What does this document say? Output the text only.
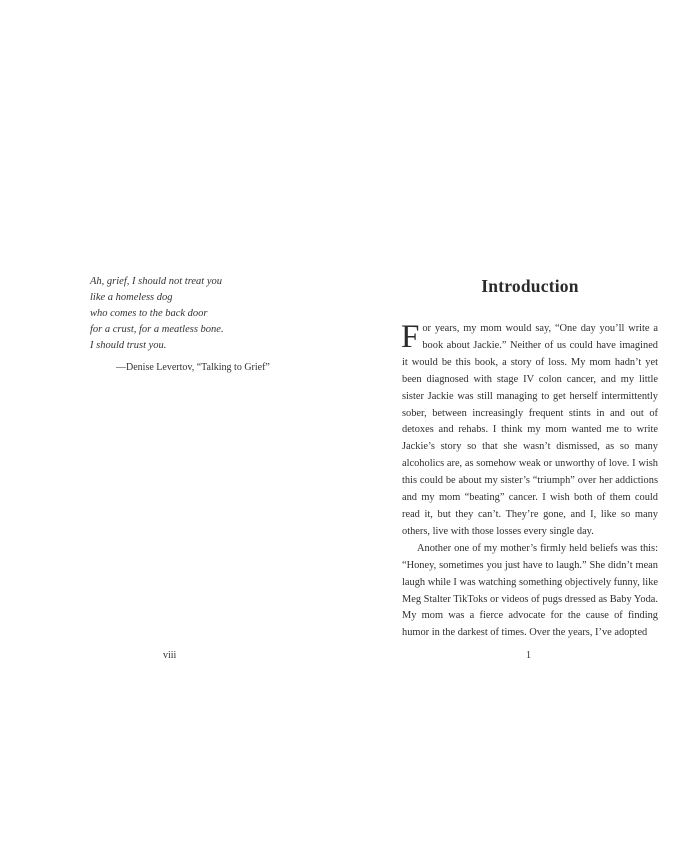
Ah, grief, I should not treat you
like a homeless dog
who comes to the back door
for a crust, for a meatless bone.
I should trust you.
—Denise Levertov, “Talking to Grief”
viii
Introduction

For years, my mom would say, “One day you’ll write a book about Jackie.” Neither of us could have imagined it would be this book, a story of loss. My mom hadn’t yet been diagnosed with stage IV colon cancer, and my little sister Jackie was still managing to get herself intermittently sober, between increasingly frequent stints in and out of detoxes and rehabs. I think my mom wanted me to write Jackie’s story so that she wasn’t dismissed, as so many alcoholics are, as somehow weak or unworthy of love. I wish this could be about my sister’s “triumph” over her addictions and my mom “beating” cancer. I wish both of them could read it, but they can’t. They’re gone, and I, like so many others, live with those losses every single day.

Another one of my mother’s firmly held beliefs was this: “Honey, sometimes you just have to laugh.” She didn’t mean laugh while I was watching something objectively funny, like Meg Stalter TikToks or videos of pugs dressed as Baby Yoda. My mom was a fierce advocate for the cause of finding humor in the darkest of times. Over the years, I’ve adopted

1
